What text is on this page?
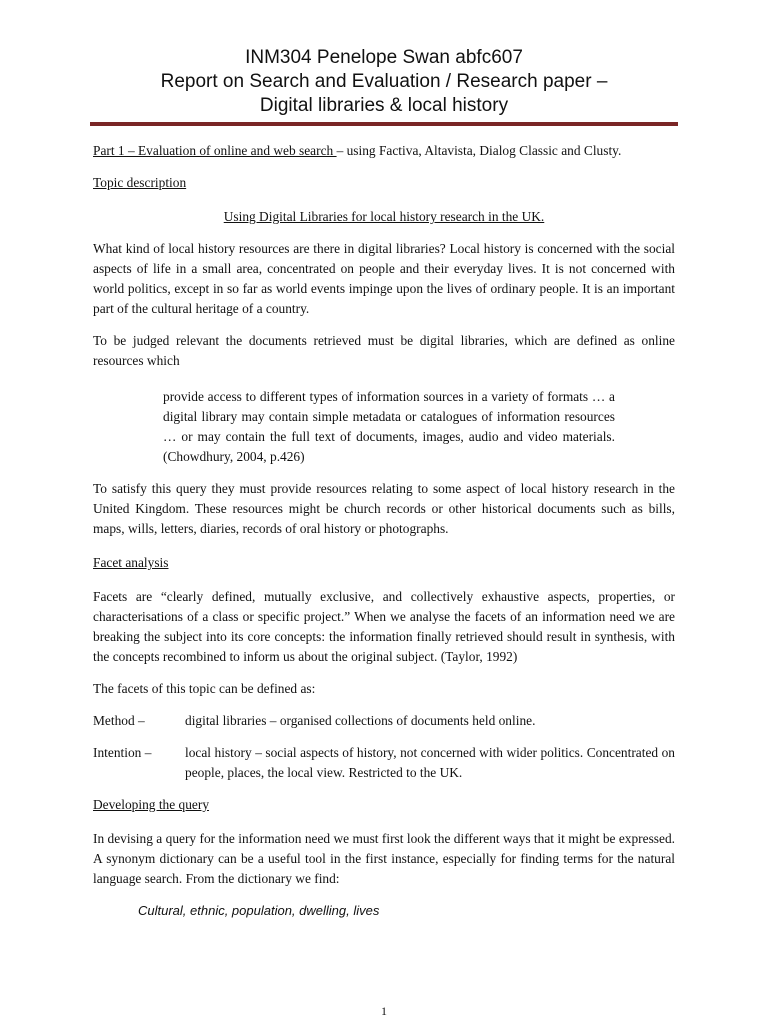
INM304 Penelope Swan abfc607
Report on Search and Evaluation / Research paper –
Digital libraries & local history

Part 1 – Evaluation of online and web search – using Factiva, Altavista, Dialog Classic and Clusty.

Topic description

Using Digital Libraries for local history research in the UK.

What kind of local history resources are there in digital libraries? Local history is concerned with the social aspects of life in a small area, concentrated on people and their everyday lives. It is not concerned with world politics, except in so far as world events impinge upon the lives of ordinary people. It is an important part of the cultural heritage of a country.

To be judged relevant the documents retrieved must be digital libraries, which are defined as online resources which

provide access to different types of information sources in a variety of formats … a digital library may contain simple metadata or catalogues of information resources … or may contain the full text of documents, images, audio and video materials. (Chowdhury, 2004, p.426)

To satisfy this query they must provide resources relating to some aspect of local history research in the United Kingdom. These resources might be church records or other historical documents such as bills, maps, wills, letters, diaries, records of oral history or photographs.

Facet analysis

Facets are “clearly defined, mutually exclusive, and collectively exhaustive aspects, properties, or characterisations of a class or specific project.” When we analyse the facets of an information need we are breaking the subject into its core concepts: the information finally retrieved should result in synthesis, with the concepts recombined to inform us about the original subject. (Taylor, 1992)

The facets of this topic can be defined as:

Method –	digital libraries – organised collections of documents held online.
Intention –	local history – social aspects of history, not concerned with wider politics. Concentrated on people, places, the local view. Restricted to the UK.

Developing the query

In devising a query for the information need we must first look the different ways that it might be expressed. A synonym dictionary can be a useful tool in the first instance, especially for finding terms for the natural language search. From the dictionary we find:

Cultural, ethnic, population, dwelling, lives
1
